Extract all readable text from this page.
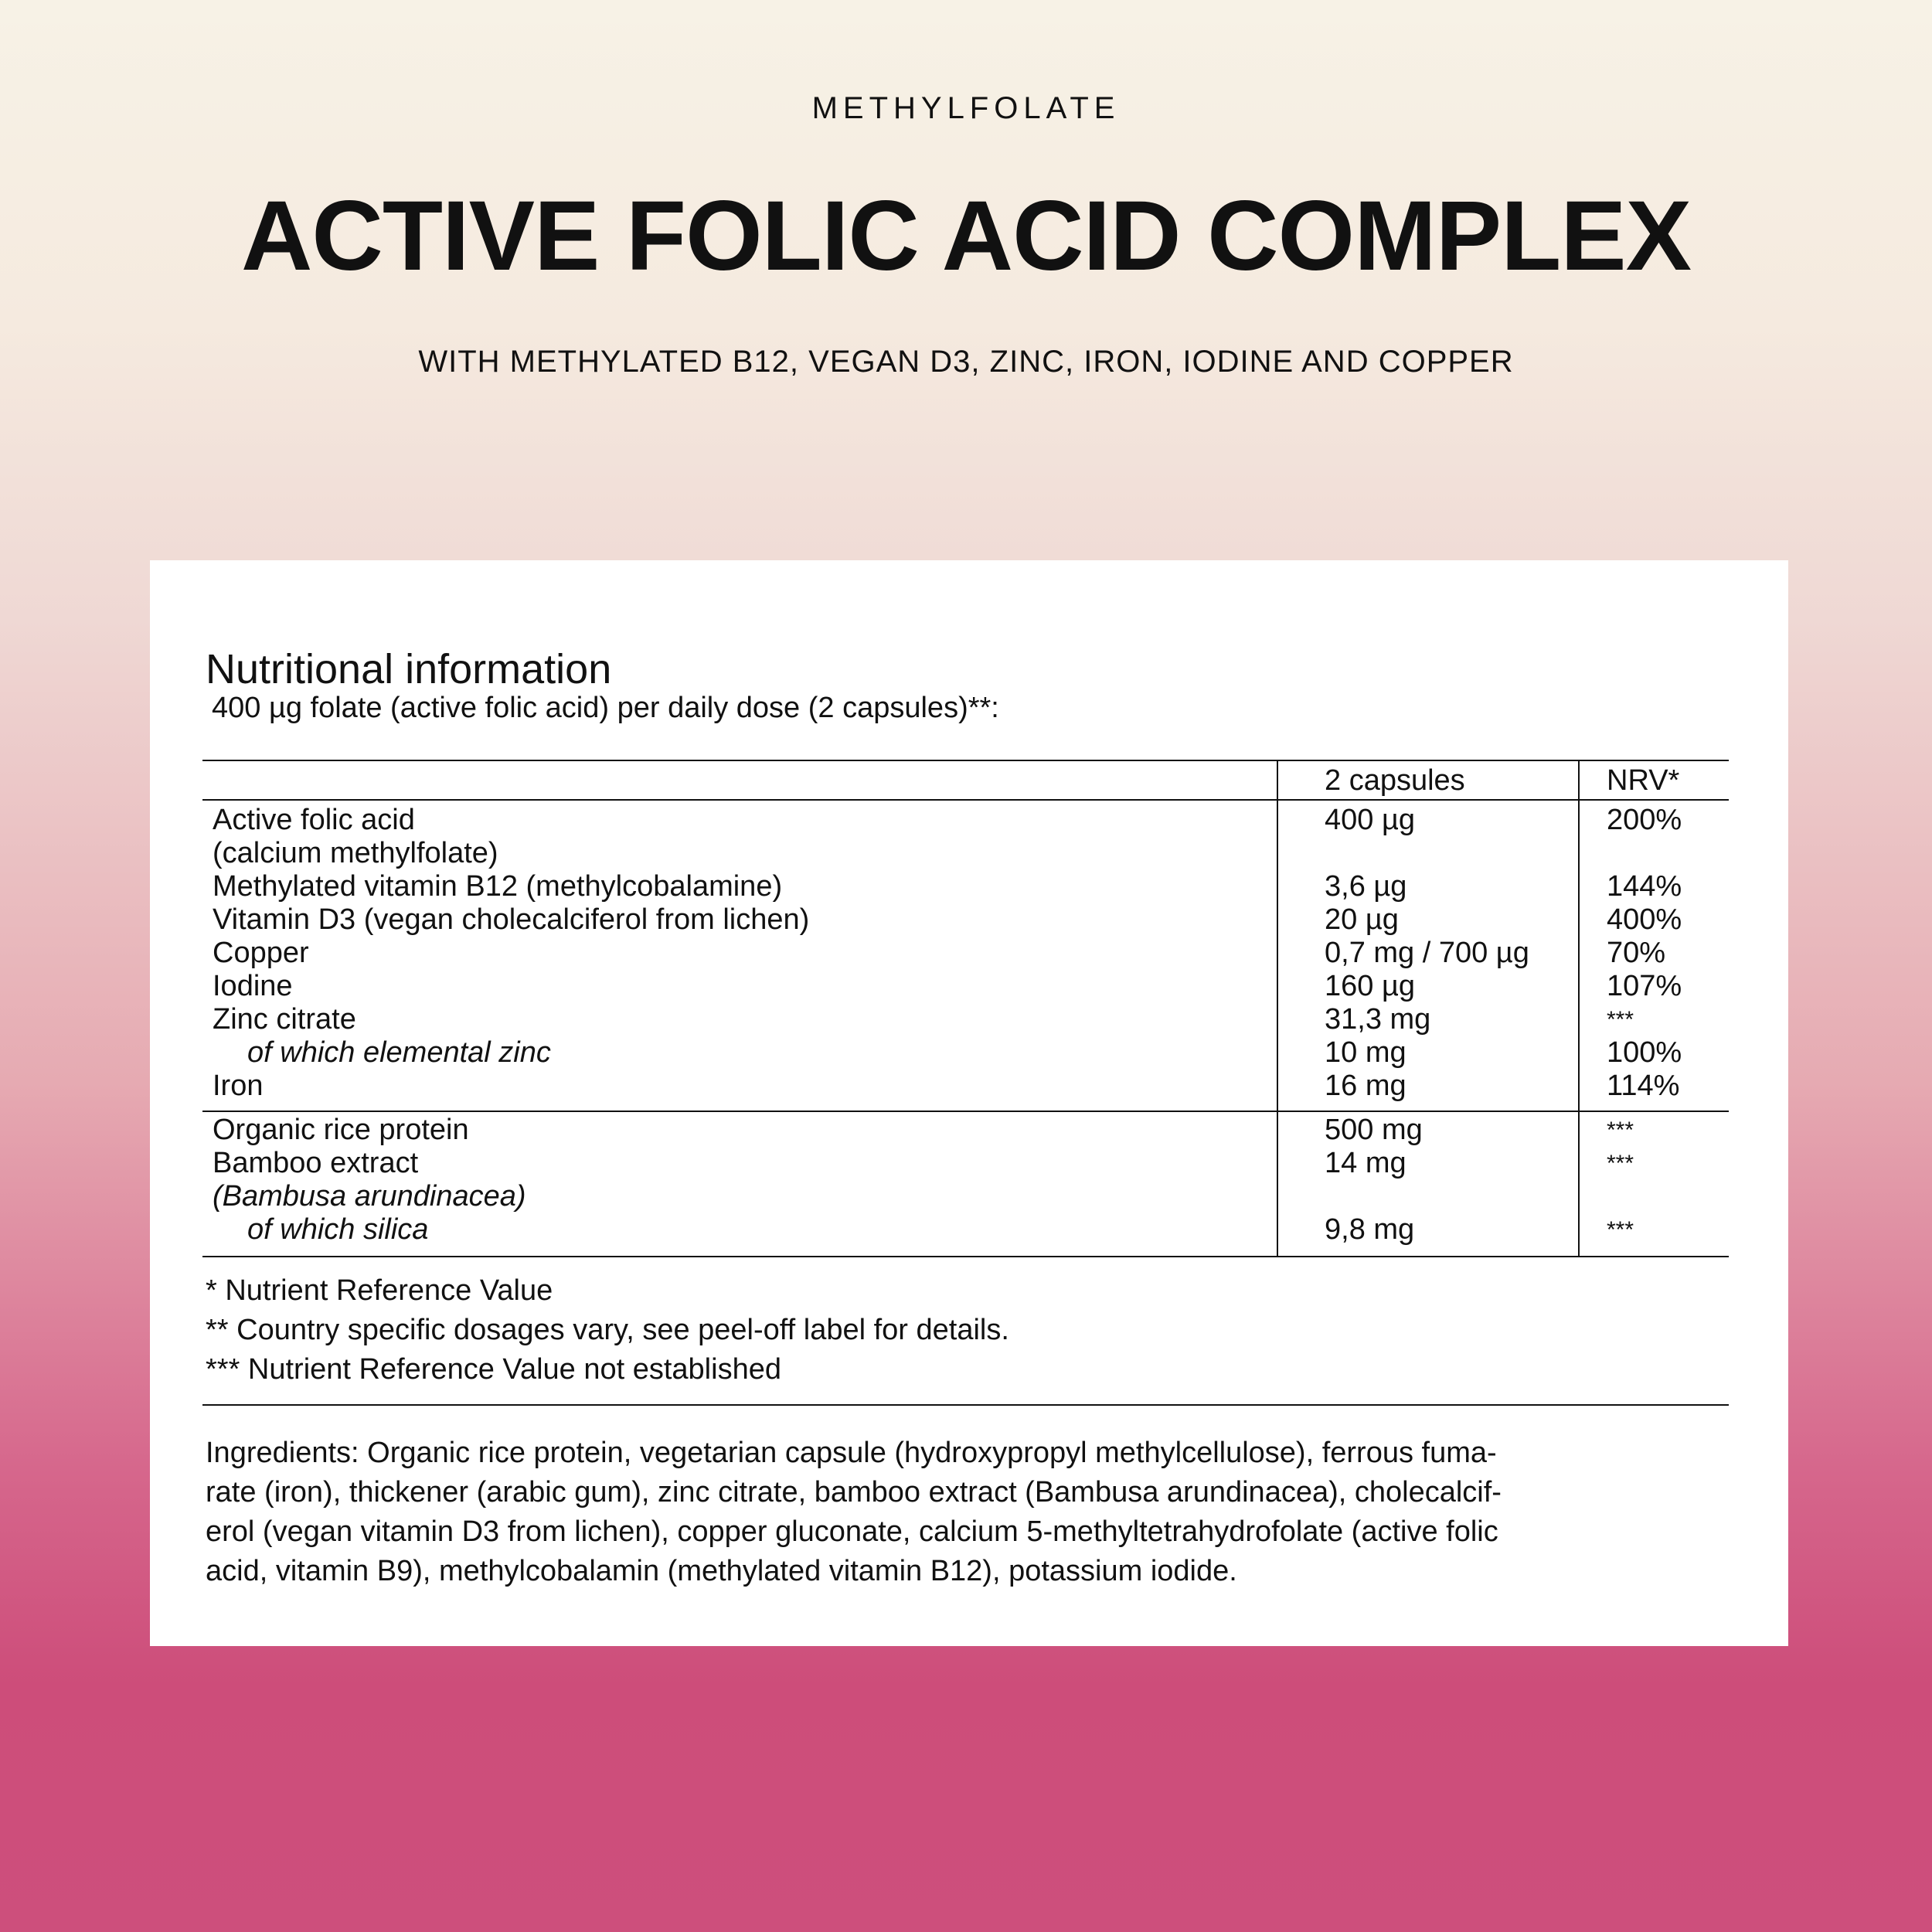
METHYLFOLATE
ACTIVE FOLIC ACID COMPLEX
WITH METHYLATED B12, VEGAN D3, ZINC, IRON, IODINE AND COPPER
Nutritional information
400 µg folate (active folic acid) per daily dose (2 capsules)**:
2 capsules	NRV*
Active folic acid
(calcium methylfolate)
Methylated vitamin B12 (methylcobalamine)
Vitamin D3 (vegan cholecalciferol from lichen)
Copper
Iodine
Zinc citrate
of which elemental zinc
Iron
400 µg

3,6 µg
20 µg
0,7 mg / 700 µg
160 µg
31,3 mg
10 mg
16 mg
200%

144%
400%
70%
107%
***
100%
114%
Organic rice protein
Bamboo extract
(Bambusa arundinacea)
of which silica
500 mg
14 mg

9,8 mg
***
***

***
* Nutrient Reference Value
** Country specific dosages vary, see peel-off label for details.
*** Nutrient Reference Value not established
Ingredients: Organic rice protein, vegetarian capsule (hydroxypropyl methylcellulose), ferrous fuma-
rate (iron), thickener (arabic gum), zinc citrate, bamboo extract (Bambusa arundinacea), cholecalcif-
erol (vegan vitamin D3 from lichen), copper gluconate, calcium 5-methyltetrahydrofolate (active folic
acid, vitamin B9), methylcobalamin (methylated vitamin B12), potassium iodide.
